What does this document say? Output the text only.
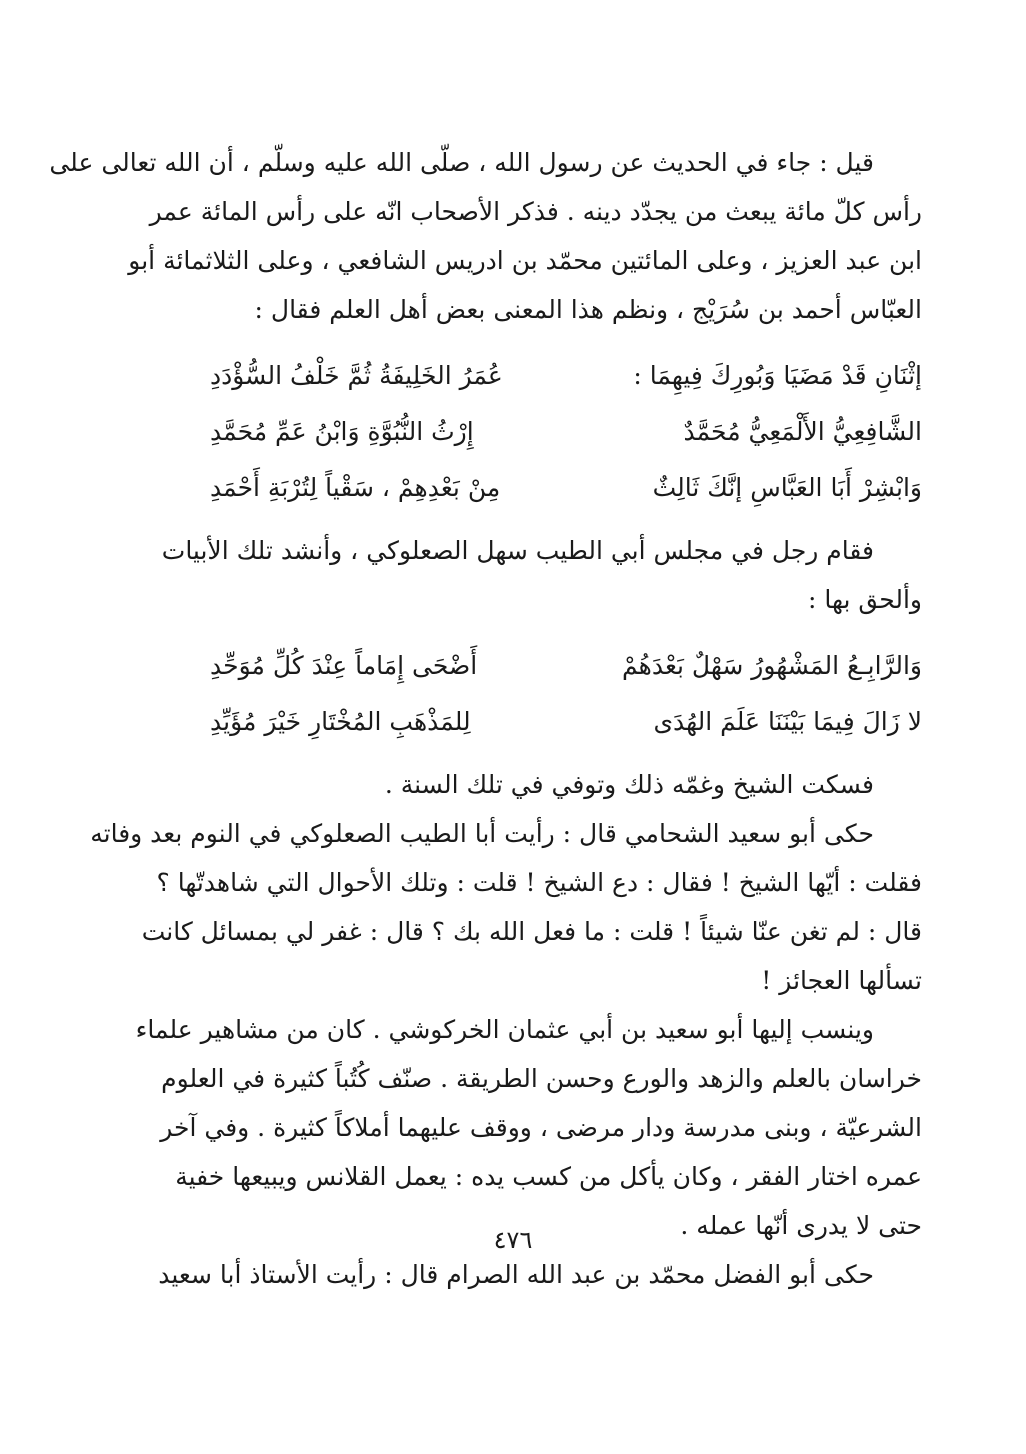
قيل : جاء في الحديث عن رسول الله ، صلّى الله عليه وسلّم ، أن الله تعالى على
رأس كلّ مائة يبعث من يجدّد دينه . فذكر الأصحاب انّه على رأس المائة عمر
ابن عبد العزيز ، وعلى المائتين محمّد بن ادريس الشافعي ، وعلى الثلاثمائة أبو
العبّاس أحمد بن سُرَيْج ، ونظم هذا المعنى بعض أهل العلم فقال :
إثْنَانِ قَدْ مَضَيَا وَبُورِكَ فِيهِمَا :
عُمَرُ الخَلِيفَةُ ثُمَّ خَلْفُ السُّؤْدَدِ
الشَّافِعِيُّ الأَلْمَعِيُّ مُحَمَّدٌ
إِرْثُ النُّبُوَّةِ وَابْنُ عَمِّ مُحَمَّدِ
وَابْشِرْ أَبَا العَبَّاسِ إنَّكَ ثَالِثٌ
مِنْ بَعْدِهِمْ ، سَقْياً لِتُرْبَةِ أَحْمَدِ
فقام رجل في مجلس أبي الطيب سهل الصعلوكي ، وأنشد تلك الأبيات
وألحق بها :
وَالرَّابِـعُ المَشْهُورُ سَهْلٌ بَعْدَهُمْ
أَضْحَى إِمَاماً عِنْدَ كُلِّ مُوَحِّدِ
لا زَالَ فِيمَا بَيْنَنَا عَلَمَ الهُدَى
لِلمَذْهَبِ المُخْتَارِ خَيْرَ مُؤَيِّدِ
فسكت الشيخ وغمّه ذلك وتوفي في تلك السنة .
حكى أبو سعيد الشحامي قال : رأيت أبا الطيب الصعلوكي في النوم بعد وفاته
فقلت : أيّها الشيخ ! فقال : دع الشيخ ! قلت : وتلك الأحوال التي شاهدتّها ؟
قال : لم تغن عنّا شيئاً ! قلت : ما فعل الله بك ؟ قال : غفر لي بمسائل كانت
تسألها العجائز !
وينسب إليها أبو سعيد بن أبي عثمان الخركوشي . كان من مشاهير علماء
خراسان بالعلم والزهد والورع وحسن الطريقة . صنّف كُتُباً كثيرة في العلوم
الشرعيّة ، وبنى مدرسة ودار مرضى ، ووقف عليهما أملاكاً كثيرة . وفي آخر
عمره اختار الفقر ، وكان يأكل من كسب يده : يعمل القلانس ويبيعها خفية
حتى لا يدرى أنّها عمله .
حكى أبو الفضل محمّد بن عبد الله الصرام قال : رأيت الأستاذ أبا سعيد
٤٧٦
